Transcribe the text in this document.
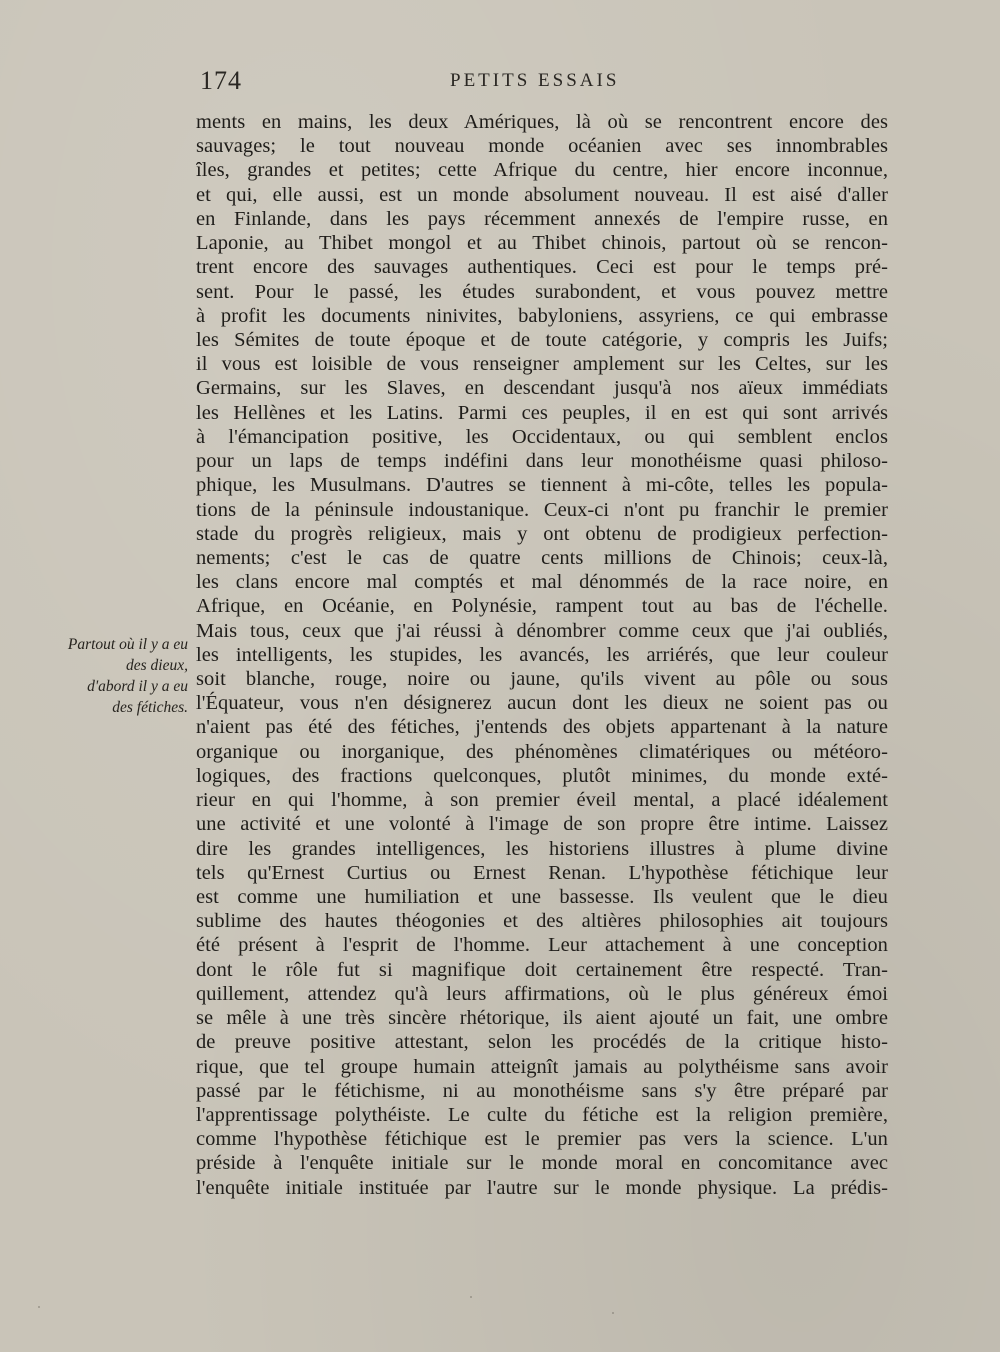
174	PETITS ESSAIS
Partout où il y a eu
des dieux,
d'abord il y a eu
des fétiches.
ments en mains, les deux Amériques, là où se rencontrent encore des
sauvages; le tout nouveau monde océanien avec ses innombrables
îles, grandes et petites; cette Afrique du centre, hier encore inconnue,
et qui, elle aussi, est un monde absolument nouveau. Il est aisé d'aller
en Finlande, dans les pays récemment annexés de l'empire russe, en
Laponie, au Thibet mongol et au Thibet chinois, partout où se rencon-
trent encore des sauvages authentiques. Ceci est pour le temps pré-
sent. Pour le passé, les études surabondent, et vous pouvez mettre
à profit les documents ninivites, babyloniens, assyriens, ce qui embrasse
les Sémites de toute époque et de toute catégorie, y compris les Juifs;
il vous est loisible de vous renseigner amplement sur les Celtes, sur les
Germains, sur les Slaves, en descendant jusqu'à nos aïeux immédiats
les Hellènes et les Latins. Parmi ces peuples, il en est qui sont arrivés
à l'émancipation positive, les Occidentaux, ou qui semblent enclos
pour un laps de temps indéfini dans leur monothéisme quasi philoso-
phique, les Musulmans. D'autres se tiennent à mi-côte, telles les popula-
tions de la péninsule indoustanique. Ceux-ci n'ont pu franchir le premier
stade du progrès religieux, mais y ont obtenu de prodigieux perfection-
nements; c'est le cas de quatre cents millions de Chinois; ceux-là,
les clans encore mal comptés et mal dénommés de la race noire, en
Afrique, en Océanie, en Polynésie, rampent tout au bas de l'échelle.
Mais tous, ceux que j'ai réussi à dénombrer comme ceux que j'ai oubliés,
les intelligents, les stupides, les avancés, les arriérés, que leur couleur
soit blanche, rouge, noire ou jaune, qu'ils vivent au pôle ou sous
l'Équateur, vous n'en désignerez aucun dont les dieux ne soient pas ou
n'aient pas été des fétiches, j'entends des objets appartenant à la nature
organique ou inorganique, des phénomènes climatériques ou météoro-
logiques, des fractions quelconques, plutôt minimes, du monde exté-
rieur en qui l'homme, à son premier éveil mental, a placé idéalement
une activité et une volonté à l'image de son propre être intime. Laissez
dire les grandes intelligences, les historiens illustres à plume divine
tels qu'Ernest Curtius ou Ernest Renan. L'hypothèse fétichique leur
est comme une humiliation et une bassesse. Ils veulent que le dieu
sublime des hautes théogonies et des altières philosophies ait toujours
été présent à l'esprit de l'homme. Leur attachement à une conception
dont le rôle fut si magnifique doit certainement être respecté. Tran-
quillement, attendez qu'à leurs affirmations, où le plus généreux émoi
se mêle à une très sincère rhétorique, ils aient ajouté un fait, une ombre
de preuve positive attestant, selon les procédés de la critique histo-
rique, que tel groupe humain atteignît jamais au polythéisme sans avoir
passé par le fétichisme, ni au monothéisme sans s'y être préparé par
l'apprentissage polythéiste. Le culte du fétiche est la religion première,
comme l'hypothèse fétichique est le premier pas vers la science. L'un
préside à l'enquête initiale sur le monde moral en concomitance avec
l'enquête initiale instituée par l'autre sur le monde physique. La prédis-
